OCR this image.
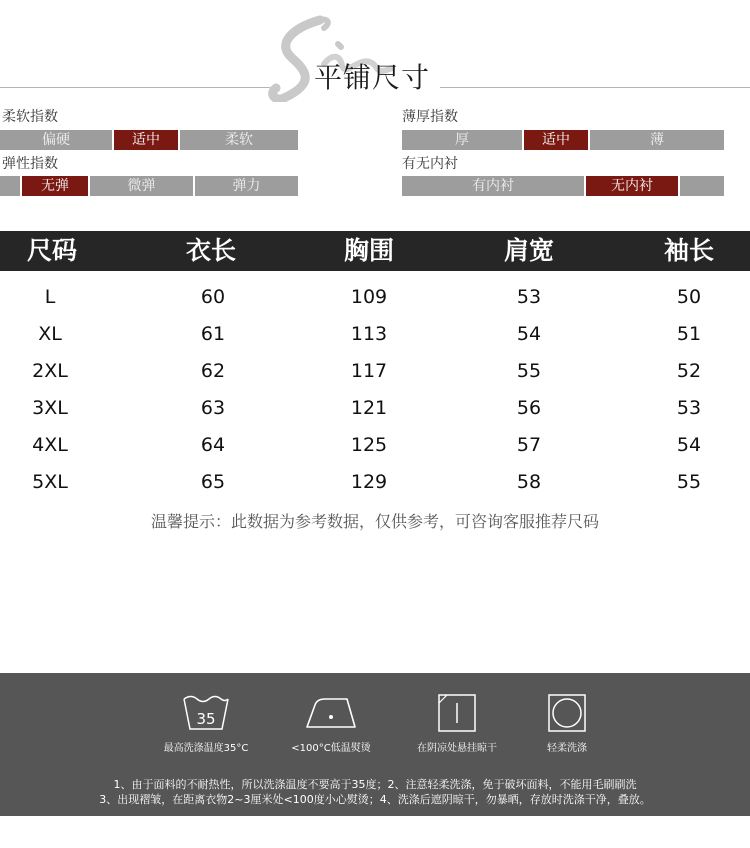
平铺尺寸
柔软指数
偏硬	适中	柔软
弹性指数
无弹	微弹	弹力
薄厚指数
厚	适中	薄
有无内衬
有内衬	无内衬
尺码	衣长	胸围	肩宽	袖长
L	60	109	53	50
XL	61	113	54	51
2XL	62	117	55	52
3XL	63	121	56	53
4XL	64	125	57	54
5XL	65	129	58	55
温馨提示：此数据为参考数据，仅供参考，可咨询客服推荐尺码
35
最高洗涤温度35°C	<100°C低温熨烫	在阴凉处悬挂晾干	轻柔洗涤
1、由于面料的不耐热性，所以洗涤温度不要高于35度；2、注意轻柔洗涤，免于破坏面料，不能用毛刷刷洗
3、出现褶皱，在距离衣物2~3厘米处<100度小心熨烫；4、洗涤后遮阴晾干，勿暴晒，存放时洗涤干净，叠放。
